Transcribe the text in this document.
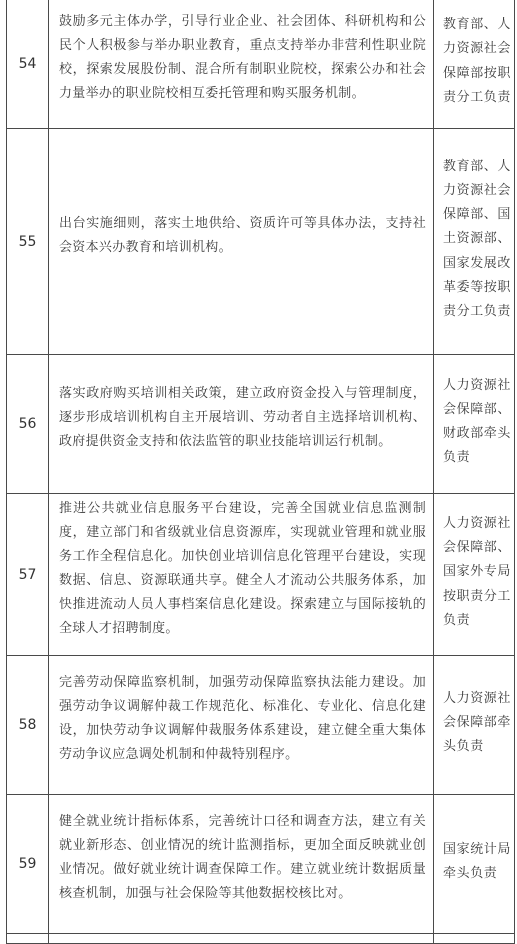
54	鼓励多元主体办学，引导行业企业、社会团体、科研机构和公民个人积极参与举办职业教育，重点支持举办非营利性职业院校，探索发展股份制、混合所有制职业院校，探索公办和社会力量举办的职业院校相互委托管理和购买服务机制。	教育部、人力资源社会保障部按职责分工负责

55	出台实施细则，落实土地供给、资质许可等具体办法，支持社会资本兴办教育和培训机构。	教育部、人力资源社会保障部、国土资源部、国家发展改革委等按职责分工负责

56	落实政府购买培训相关政策，建立政府资金投入与管理制度，逐步形成培训机构自主开展培训、劳动者自主选择培训机构、政府提供资金支持和依法监管的职业技能培训运行机制。	人力资源社会保障部、财政部牵头负责

57	推进公共就业信息服务平台建设，完善全国就业信息监测制度，建立部门和省级就业信息资源库，实现就业管理和就业服务工作全程信息化。加快创业培训信息化管理平台建设，实现数据、信息、资源联通共享。健全人才流动公共服务体系，加快推进流动人员人事档案信息化建设。探索建立与国际接轨的全球人才招聘制度。	人力资源社会保障部、国家外专局按职责分工负责

58	完善劳动保障监察机制，加强劳动保障监察执法能力建设。加强劳动争议调解仲裁工作规范化、标准化、专业化、信息化建设，加快劳动争议调解仲裁服务体系建设，建立健全重大集体劳动争议应急调处机制和仲裁特别程序。	人力资源社会保障部牵头负责

59	健全就业统计指标体系，完善统计口径和调查方法，建立有关就业新形态、创业情况的统计监测指标，更加全面反映就业创业情况。做好就业统计调查保障工作。建立就业统计数据质量核查机制，加强与社会保险等其他数据校核比对。	国家统计局牵头负责
